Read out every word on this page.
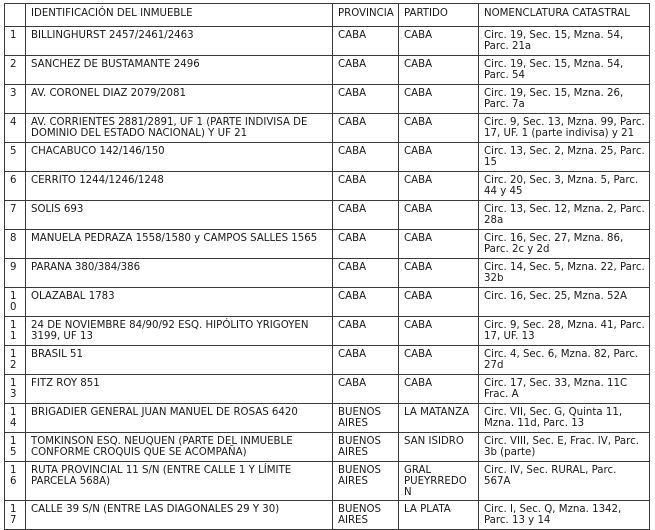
	IDENTIFICACIÓN DEL INMUEBLE	PROVINCIA	PARTIDO	NOMENCLATURA CATASTRAL
1	BILLINGHURST 2457/2461/2463	CABA	CABA	Circ. 19, Sec. 15, Mzna. 54,
Parc. 21a
2	SANCHEZ DE BUSTAMANTE 2496	CABA	CABA	Circ. 19, Sec. 15, Mzna. 54,
Parc. 54
3	AV. CORONEL DIAZ 2079/2081	CABA	CABA	Circ. 19, Sec. 15, Mzna. 26,
Parc. 7a
4	AV. CORRIENTES 2881/2891, UF 1 (PARTE INDIVISA DE
DOMINIO DEL ESTADO NACIONAL) Y UF 21	CABA	CABA	Circ. 9, Sec. 13, Mzna. 99, Parc.
17, UF. 1 (parte indivisa) y 21
5	CHACABUCO 142/146/150	CABA	CABA	Circ. 13, Sec. 2, Mzna. 25, Parc.
15
6	CERRITO 1244/1246/1248	CABA	CABA	Circ. 20, Sec. 3, Mzna. 5, Parc.
44 y 45
7	SOLIS 693	CABA	CABA	Circ. 13, Sec. 12, Mzna. 2, Parc.
28a
8	MANUELA PEDRAZA 1558/1580 y CAMPOS SALLES 1565	CABA	CABA	Circ. 16, Sec. 27, Mzna. 86,
Parc. 2c y 2d
9	PARANA 380/384/386	CABA	CABA	Circ. 14, Sec. 5, Mzna. 22, Parc.
32b
10	OLAZABAL 1783	CABA	CABA	Circ. 16, Sec. 25, Mzna. 52A
11	24 DE NOVIEMBRE 84/90/92 ESQ. HIPÓLITO YRIGOYEN
3199, UF 13	CABA	CABA	Circ. 9, Sec. 28, Mzna. 41, Parc.
17, UF. 13
12	BRASIL 51	CABA	CABA	Circ. 4, Sec. 6, Mzna. 82, Parc.
27d
13	FITZ ROY 851	CABA	CABA	Circ. 17, Sec. 33, Mzna. 11C
Frac. A
14	BRIGADIER GENERAL JUAN MANUEL DE ROSAS 6420	BUENOS
AIRES	LA MATANZA	Circ. VII, Sec. G, Quinta 11,
Mzna. 11d, Parc. 13
15	TOMKINSON ESQ. NEUQUEN (PARTE DEL INMUEBLE
CONFORME CROQUIS QUE SE ACOMPAÑA)	BUENOS
AIRES	SAN ISIDRO	Circ. VIII, Sec. E, Frac. IV, Parc.
3b (parte)
16	RUTA PROVINCIAL 11 S/N (ENTRE CALLE 1 Y LÍMITE
PARCELA 568A)	BUENOS
AIRES	GRAL
PUEYRREDON	Circ. IV, Sec. RURAL, Parc. 567A
17	CALLE 39 S/N (ENTRE LAS DIAGONALES 29 Y 30)	BUENOS
AIRES	LA PLATA	Circ. I, Sec. Q, Mzna. 1342,
Parc. 13 y 14
